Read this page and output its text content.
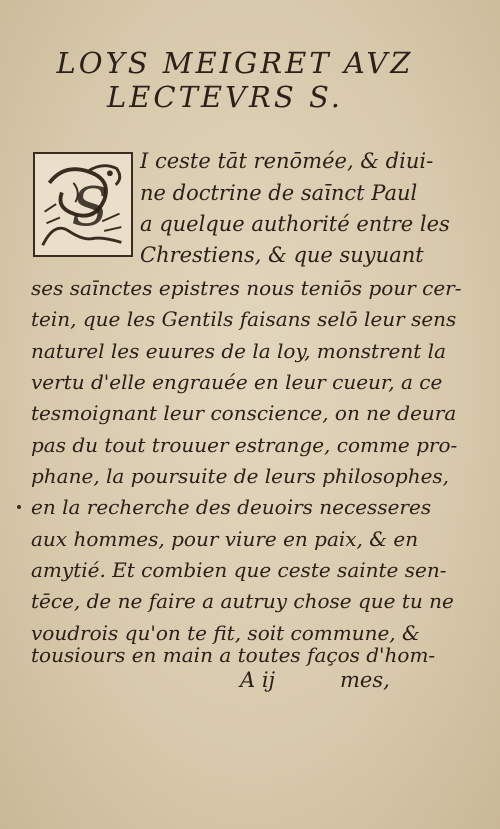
LOYS MEIGRET AVZ
LECTEVRS S.
S
I ceste tāt renōmée, & diui-
ne doctrine de saīnct Paul
a quelque authorité entre les
Chrestiens, & que suyuant
ses saīnctes epistres nous teniōs pour cer-
tein, que les Gentils faisans selō leur sens
naturel les euures de la loy, monstrent la
vertu d'elle engrauée en leur cueur, a ce
tesmoignant leur conscience, on ne deura
pas du tout trouuer estrange, comme pro-
phane, la poursuite de leurs philosophes,
en la recherche des deuoirs necesseres
aux hommes, pour viure en paix, & en
amytié. Et combien que ceste sainte sen-
tēce, de ne faire a autruy chose que tu ne
voudrois qu'on te fit, soit commune, &
tousiours en main a toutes faços d'hom-
A ij	mes,
